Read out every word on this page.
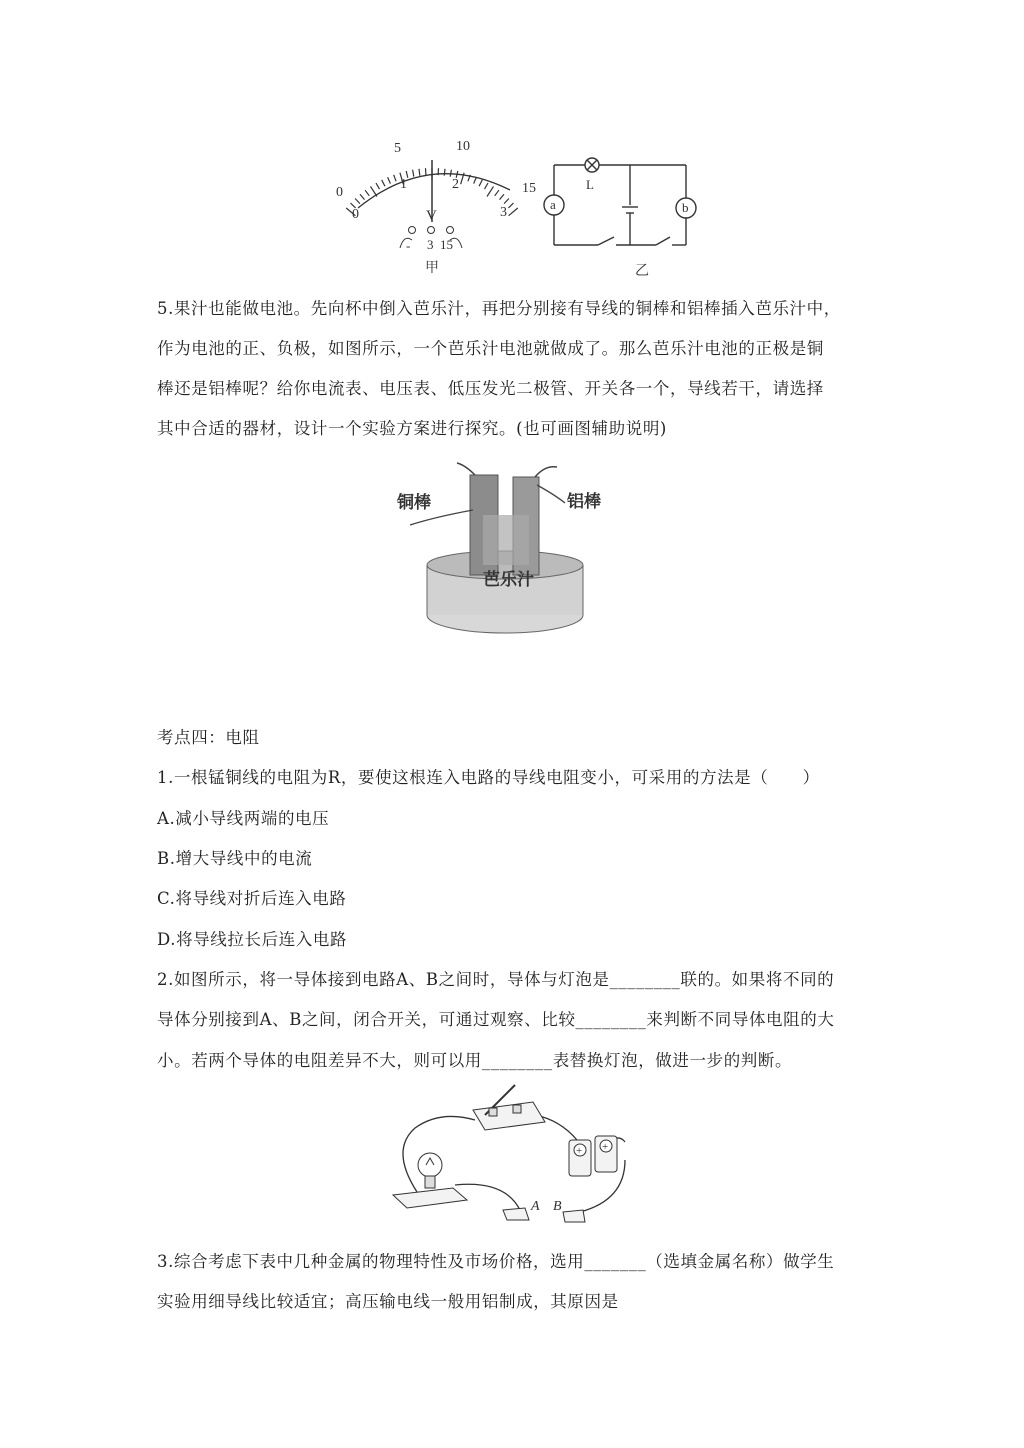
0
5	10
15
0
1	2
3
V
- 3 15
甲
L
a	b
乙
5.果汁也能做电池。先向杯中倒入芭乐汁，再把分别接有导线的铜棒和铝棒插入芭乐汁中，
作为电池的正、负极，如图所示，一个芭乐汁电池就做成了。那么芭乐汁电池的正极是铜
棒还是铝棒呢？给你电流表、电压表、低压发光二极管、开关各一个，导线若干，请选择
其中合适的器材，设计一个实验方案进行探究。(也可画图辅助说明)
铜棒	铝棒
芭乐汁
考点四：电阻
1.一根锰铜线的电阻为R，要使这根连入电路的导线电阻变小，可采用的方法是（　　）
A.减小导线两端的电压
B.增大导线中的电流
C.将导线对折后连入电路
D.将导线拉长后连入电路
2.如图所示，将一导体接到电路A、B之间时，导体与灯泡是________联的。如果将不同的
导体分别接到A、B之间，闭合开关，可通过观察、比较________来判断不同导体电阻的大
小。若两个导体的电阻差异不大，则可以用________表替换灯泡，做进一步的判断。
+ +
A B
3.综合考虑下表中几种金属的物理特性及市场价格，选用_______（选填金属名称）做学生
实验用细导线比较适宜；高压输电线一般用铝制成，其原因是
